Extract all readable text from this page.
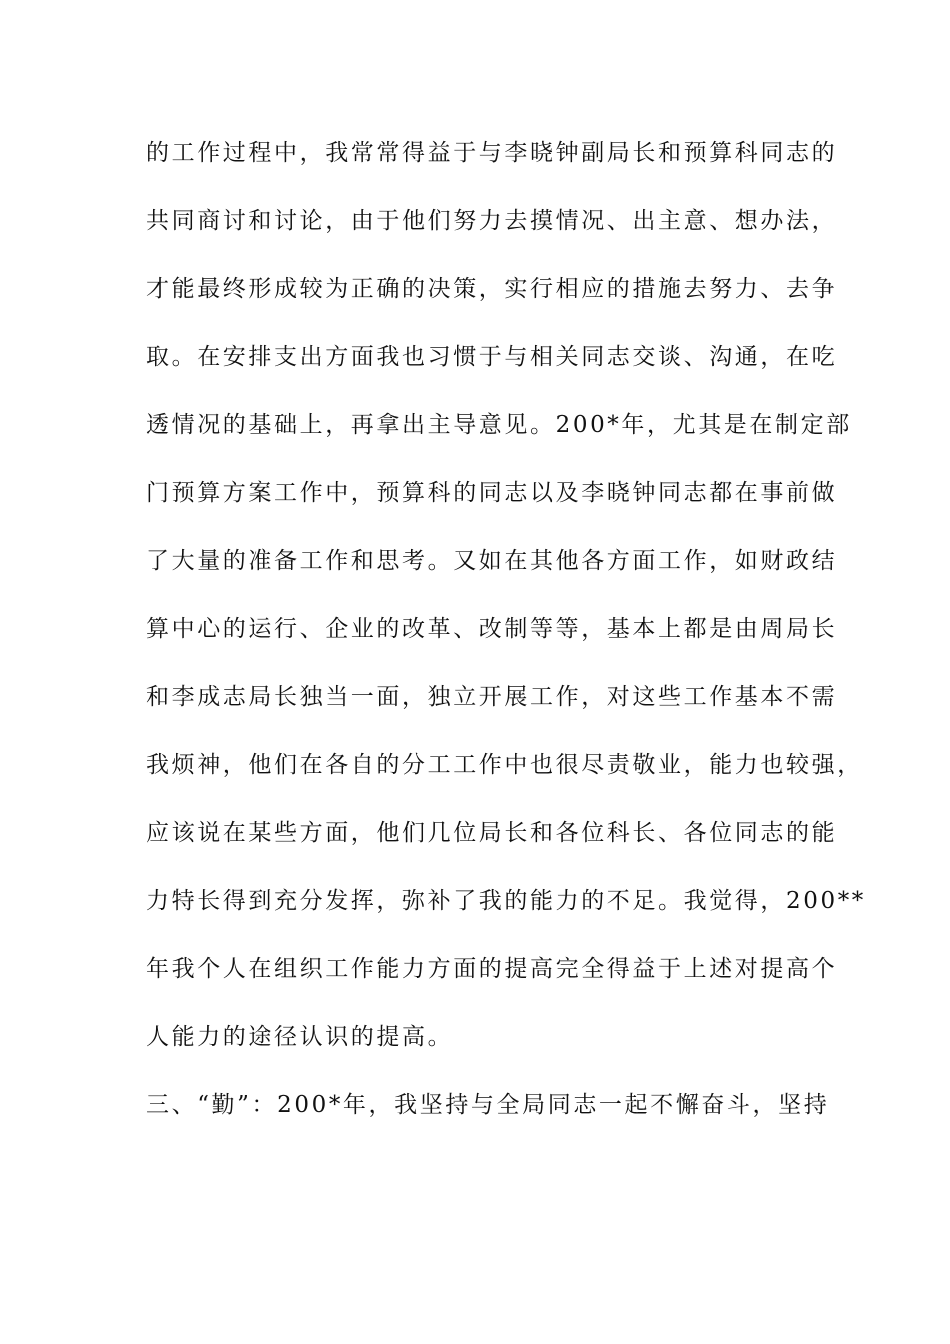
的工作过程中，我常常得益于与李晓钟副局长和预算科同志的
共同商讨和讨论，由于他们努力去摸情况、出主意、想办法，
才能最终形成较为正确的决策，实行相应的措施去努力、去争
取。在安排支出方面我也习惯于与相关同志交谈、沟通，在吃
透情况的基础上，再拿出主导意见。200*年，尤其是在制定部
门预算方案工作中，预算科的同志以及李晓钟同志都在事前做
了大量的准备工作和思考。又如在其他各方面工作，如财政结
算中心的运行、企业的改革、改制等等，基本上都是由周局长
和李成志局长独当一面，独立开展工作，对这些工作基本不需
我烦神，他们在各自的分工工作中也很尽责敬业，能力也较强，
应该说在某些方面，他们几位局长和各位科长、各位同志的能
力特长得到充分发挥，弥补了我的能力的不足。我觉得，200**
年我个人在组织工作能力方面的提高完全得益于上述对提高个
人能力的途径认识的提高。
三、“勤”：200*年，我坚持与全局同志一起不懈奋斗，坚持
